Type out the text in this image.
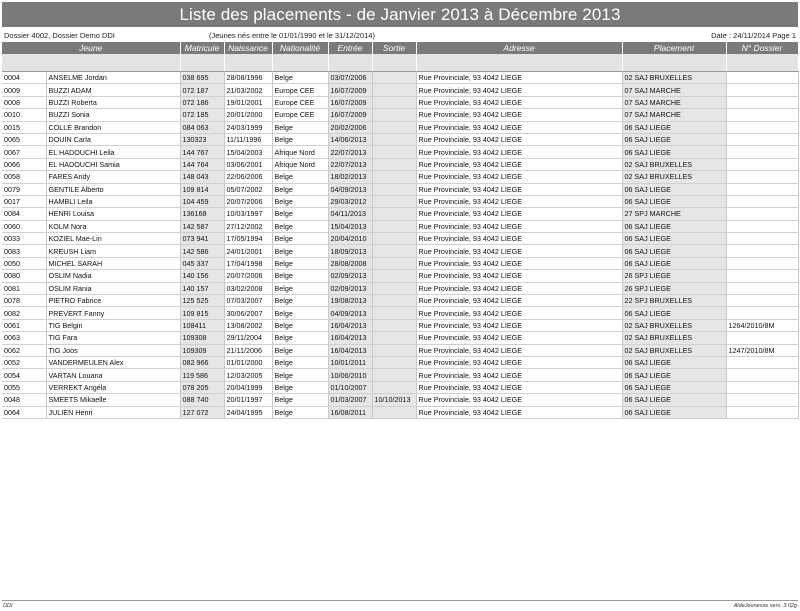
Liste des placements - de Janvier 2013 à Décembre 2013
Dossier 4002, Dossier Demo DDI	(Jeunes nés entre le 01/01/1990 et le 31/12/2014)	Date : 24/11/2014 Page 1
Jeune		Matricule	Naissance	Nationalité	Entrée	Sortie	Adresse	Placement	N° Dossier

0004	ANSELME Jordan	038 695	28/08/1996	Belge	03/07/2006		Rue Provinciale, 93 4042 LIEGE	02 SAJ BRUXELLES	
0009	BUZZI ADAM	072 187	21/03/2002	Europe CEE	16/07/2009		Rue Provinciale, 93 4042 LIEGE	07 SAJ MARCHE	
0008	BUZZI Roberta	072 186	19/01/2001	Europe CEE	16/07/2009		Rue Provinciale, 93 4042 LIEGE	07 SAJ MARCHE	
0010	BUZZI Sonia	072 185	20/01/2000	Europe CEE	16/07/2009		Rue Provinciale, 93 4042 LIEGE	07 SAJ MARCHE	
0015	COLLE Brandon	084 063	24/03/1999	Belge	20/02/2006		Rue Provinciale, 93 4042 LIEGE	06 SAJ LIEGE	
0065	DOUIN Carla	130323	11/11/1996	Belge	14/06/2013		Rue Provinciale, 93 4042 LIEGE	06 SAJ LIEGE	
0067	EL HADOUCHI Leila	144 767	15/04/2003	Afrique Nord	22/07/2013		Rue Provinciale, 93 4042 LIEGE	06 SAJ LIEGE	
0066	EL HADOUCHI Samia	144 764	03/06/2001	Afrique Nord	22/07/2013		Rue Provinciale, 93 4042 LIEGE	02 SAJ BRUXELLES	
0058	FARES Andy	148 043	22/06/2006	Belge	18/02/2013		Rue Provinciale, 93 4042 LIEGE	02 SAJ BRUXELLES	
0079	GENTILE Alberto	109 814	05/07/2002	Belge	04/09/2013		Rue Provinciale, 93 4042 LIEGE	06 SAJ LIEGE	
0017	HAMBLI Leila	104 459	20/07/2006	Belge	29/03/2012		Rue Provinciale, 93 4042 LIEGE	06 SAJ LIEGE	
0084	HENRI Louisa	136168	10/03/1997	Belge	04/11/2013		Rue Provinciale, 93 4042 LIEGE	27 SPJ MARCHE	
0060	KOLM Nora	142 587	27/12/2002	Belge	15/04/2013		Rue Provinciale, 93 4042 LIEGE	06 SAJ LIEGE	
0033	KOZIEL Mae-Lin	073 941	17/05/1994	Belge	20/04/2010		Rue Provinciale, 93 4042 LIEGE	06 SAJ LIEGE	
0083	KREUSH Liam	142 586	24/01/2001	Belge	18/09/2013		Rue Provinciale, 93 4042 LIEGE	06 SAJ LIEGE	
0050	MICHEL SARAH	045 337	17/04/1998	Belge	28/08/2008		Rue Provinciale, 93 4042 LIEGE	06 SAJ LIEGE	
0080	OSLIM Nadia	140 156	20/07/2006	Belge	02/09/2013		Rue Provinciale, 93 4042 LIEGE	26 SPJ LIEGE	
0081	OSLIM Rania	140 157	03/02/2008	Belge	02/09/2013		Rue Provinciale, 93 4042 LIEGE	26 SPJ LIEGE	
0078	PIETRO Fabrice	125 525	07/03/2007	Belge	19/08/2013		Rue Provinciale, 93 4042 LIEGE	22 SPJ BRUXELLES	
0082	PREVERT Fanny	109 815	30/06/2007	Belge	04/09/2013		Rue Provinciale, 93 4042 LIEGE	06 SAJ LIEGE	
0061	TIG Belgin	108411	13/08/2002	Belge	16/04/2013		Rue Provinciale, 93 4042 LIEGE	02 SAJ BRUXELLES	1264/2010/8M
0063	TIG Fara	109308	29/11/2004	Belge	16/04/2013		Rue Provinciale, 93 4042 LIEGE	02 SAJ BRUXELLES	
0062	TIG Joos	109309	21/11/2006	Belge	16/04/2013		Rue Provinciale, 93 4042 LIEGE	02 SAJ BRUXELLES	1247/2010/8M
0052	VANDERMEULEN Alex	082 966	01/01/2000	Belge	10/01/2011		Rue Provinciale, 93 4042 LIEGE	06 SAJ LIEGE	
0054	VARTAN Louana	119 586	12/03/2005	Belge	10/06/2010		Rue Provinciale, 93 4042 LIEGE	06 SAJ LIEGE	
0055	VERREKT Angéla	078 205	20/04/1999	Belge	01/10/2007		Rue Provinciale, 93 4042 LIEGE	06 SAJ LIEGE	
0048	SMEETS Mikaelle	088 740	20/01/1997	Belge	01/03/2007	10/10/2013	Rue Provinciale, 93 4042 LIEGE	06 SAJ LIEGE	
0064	JULIEN Henri	127 072	24/04/1995	Belge	16/08/2011		Rue Provinciale, 93 4042 LIEGE	06 SAJ LIEGE	
DDI	AideJeunesse vers. 3.02g
